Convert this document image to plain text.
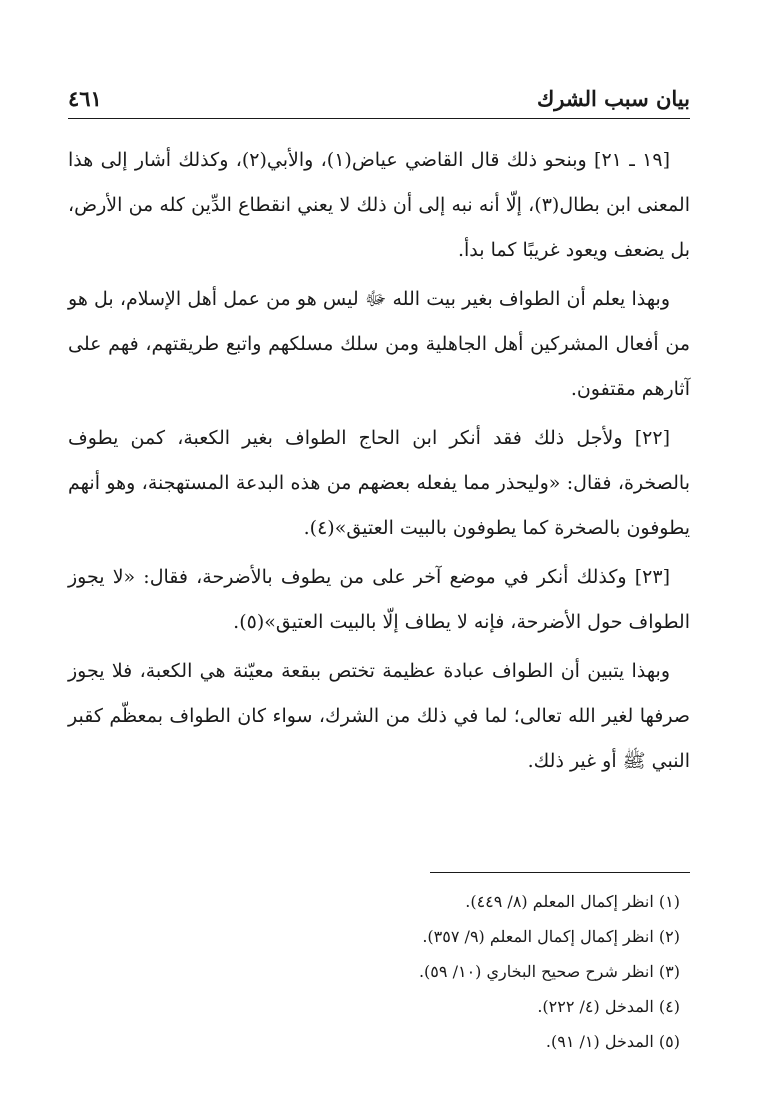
بيان سبب الشرك
٤٦١

[١٩ ـ ٢١] وبنحو ذلك قال القاضي عياض(١)، والأبي(٢)، وكذلك أشار إلى هذا المعنى ابن بطال(٣)، إلّا أنه نبه إلى أن ذلك لا يعني انقطاع الدِّين كله من الأرض، بل يضعف ويعود غريبًا كما بدأ.

وبهذا يعلم أن الطواف بغير بيت الله ﷻ ليس هو من عمل أهل الإسلام، بل هو من أفعال المشركين أهل الجاهلية ومن سلك مسلكهم واتبع طريقتهم، فهم على آثارهم مقتفون.

[٢٢] ولأجل ذلك فقد أنكر ابن الحاج الطواف بغير الكعبة، كمن يطوف بالصخرة، فقال: «وليحذر مما يفعله بعضهم من هذه البدعة المستهجنة، وهو أنهم يطوفون بالصخرة كما يطوفون بالبيت العتيق»(٤).

[٢٣] وكذلك أنكر في موضع آخر على من يطوف بالأضرحة، فقال: «لا يجوز الطواف حول الأضرحة، فإنه لا يطاف إلّا بالبيت العتيق»(٥).

وبهذا يتبين أن الطواف عبادة عظيمة تختص ببقعة معيّنة هي الكعبة، فلا يجوز صرفها لغير الله تعالى؛ لما في ذلك من الشرك، سواء كان الطواف بمعظّم كقبر النبي ﷺ أو غير ذلك.

(١) انظر إكمال المعلم (٨/ ٤٤٩).
(٢) انظر إكمال إكمال المعلم (٩/ ٣٥٧).
(٣) انظر شرح صحيح البخاري (١٠/ ٥٩).
(٤) المدخل (٤/ ٢٢٢).
(٥) المدخل (١/ ٩١).
